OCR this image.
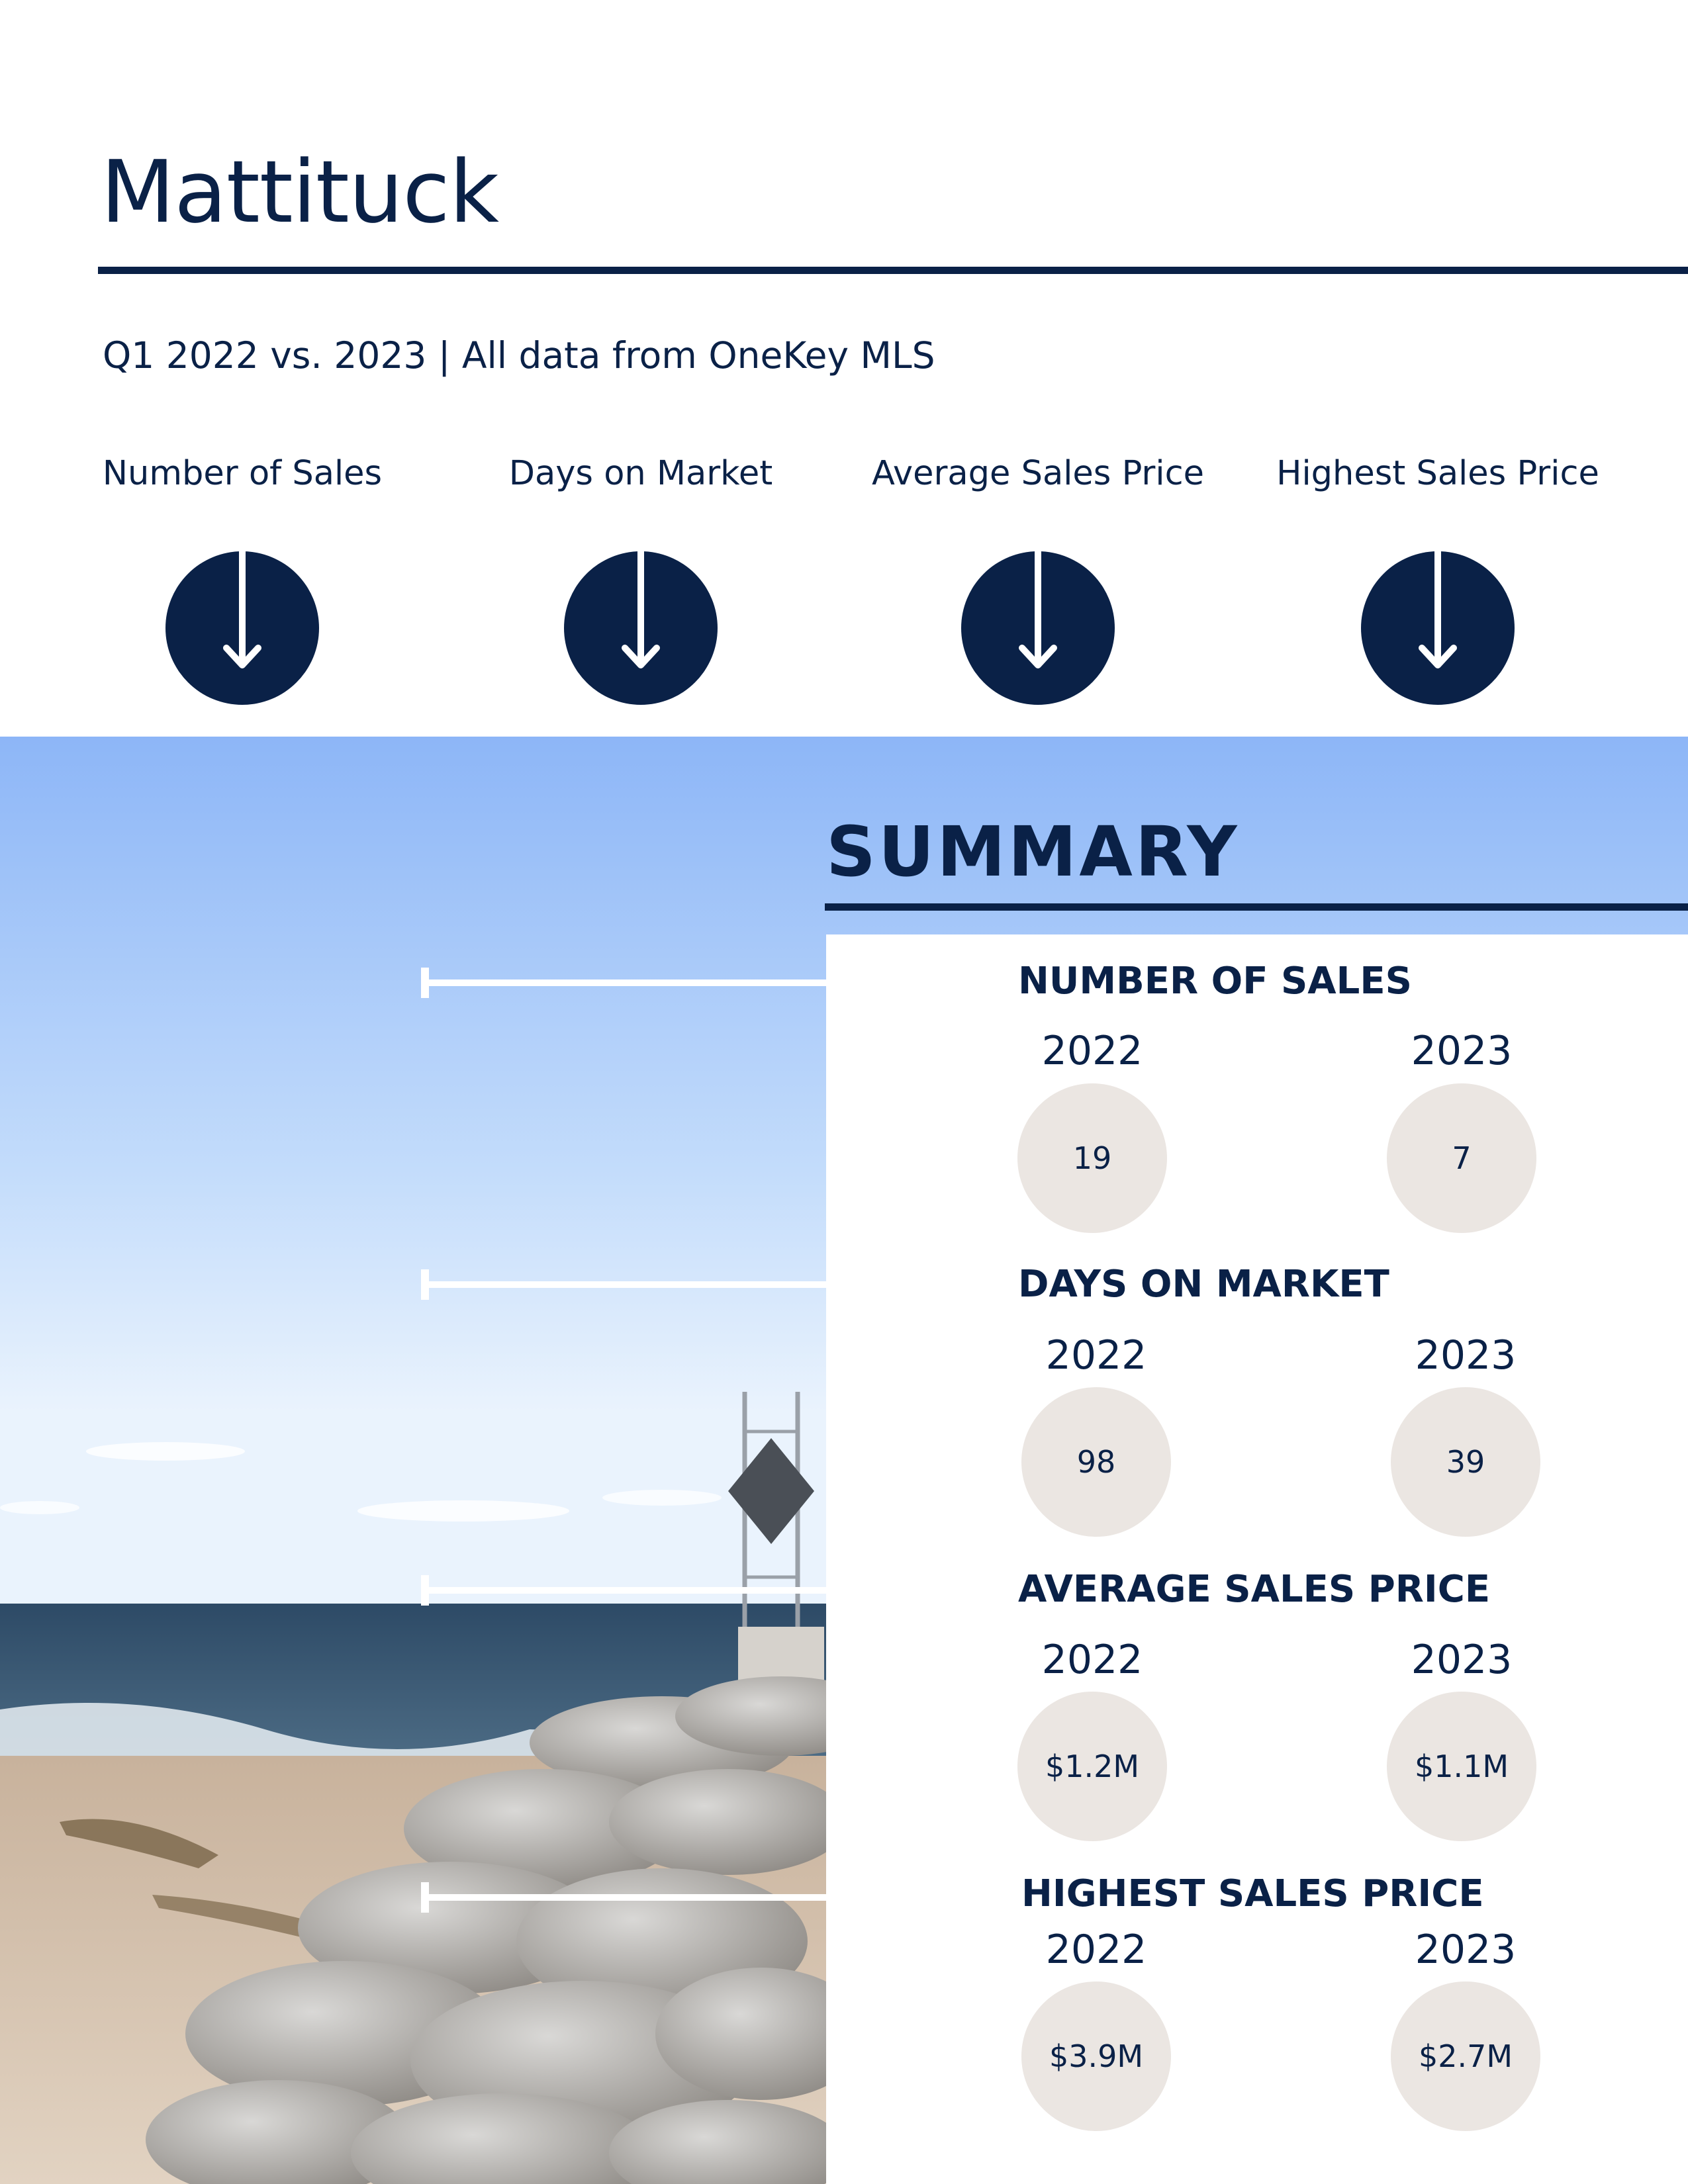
Mattituck
Q1 2022 vs. 2023 | All data from OneKey MLS
Number of Sales	Days on Market	Average Sales Price	Highest Sales Price
SUMMARY
NUMBER OF SALES
2022	2023
19	7
DAYS ON MARKET
2022	2023
98	39
AVERAGE SALES PRICE
2022	2023
$1.2M	$1.1M
HIGHEST SALES PRICE
2022	2023
$3.9M	$2.7M
